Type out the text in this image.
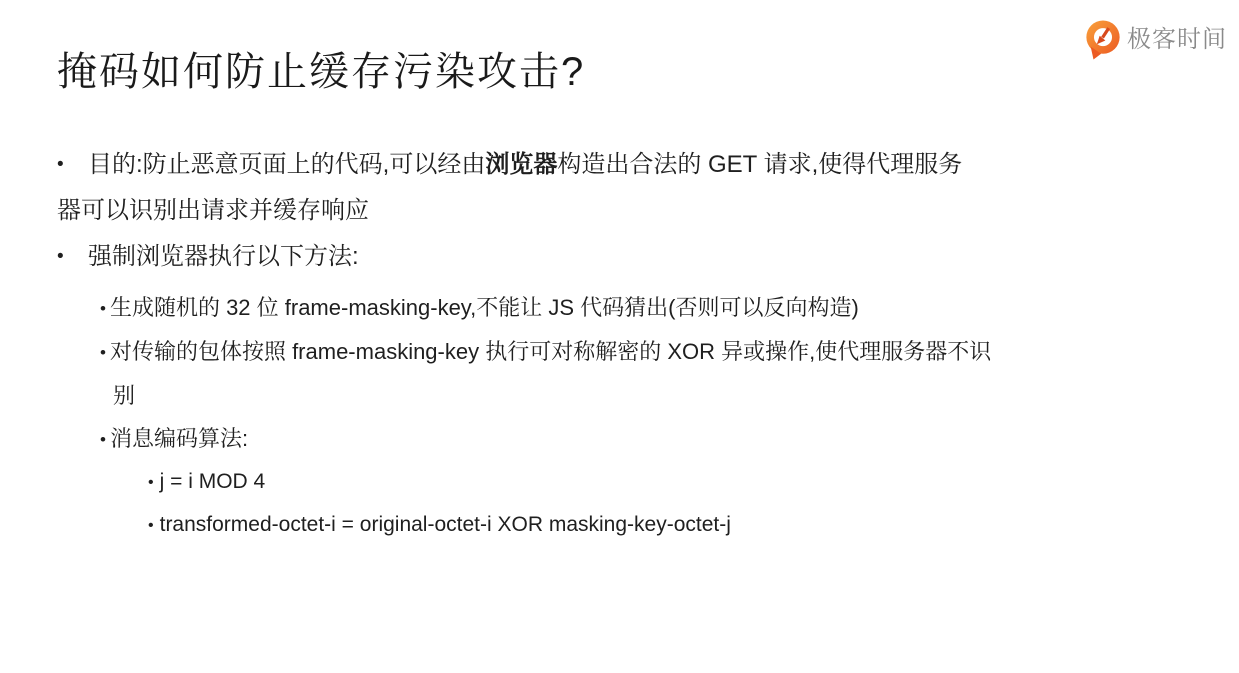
极客时间
掩码如何防止缓存污染攻击?

• 目的:防止恶意页面上的代码,可以经由浏览器构造出合法的 GET 请求,使得代理服务
器可以识别出请求并缓存响应

• 强制浏览器执行以下方法:

• 生成随机的 32 位 frame-masking-key,不能让 JS 代码猜出(否则可以反向构造)

• 对传输的包体按照 frame-masking-key 执行可对称解密的 XOR 异或操作,使代理服务器不识
别

• 消息编码算法:

• j = i MOD 4

• transformed-octet-i = original-octet-i XOR masking-key-octet-j
